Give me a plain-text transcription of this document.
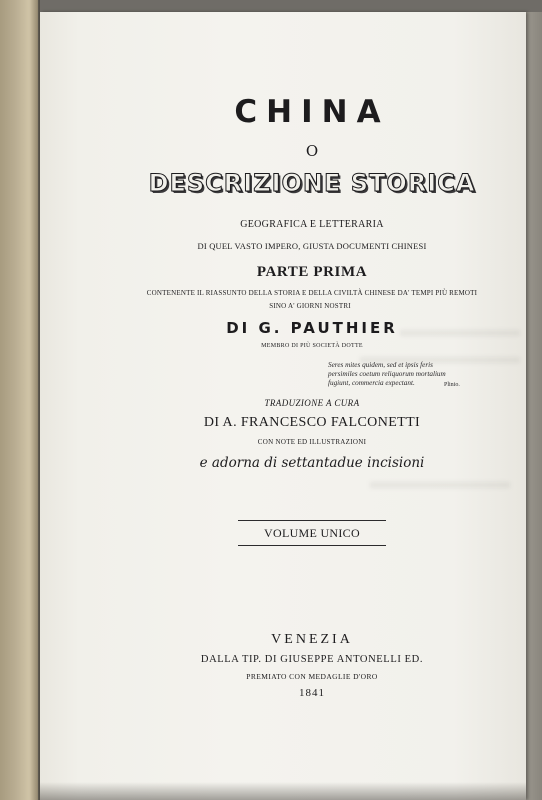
CHINA
O
DESCRIZIONE STORICA
GEOGRAFICA E LETTERARIA
DI QUEL VASTO IMPERO, GIUSTA DOCUMENTI CHINESI
PARTE PRIMA
CONTENENTE IL RIASSUNTO DELLA STORIA E DELLA CIVILTÀ CHINESE DA' TEMPI PIÙ REMOTI
SINO A' GIORNI NOSTRI
DI G. PAUTHIER
MEMBRO DI PIÙ SOCIETÀ DOTTE
Seres mites quidem, sed et ipsis feris
persimiles coetum reliquorum mortalium
fugiunt, commercia expectant.	Plinio.
TRADUZIONE A CURA
DI A. FRANCESCO FALCONETTI
CON NOTE ED ILLUSTRAZIONI
e adorna di settantadue incisioni
VOLUME UNICO
VENEZIA
DALLA TIP. DI GIUSEPPE ANTONELLI ED.
PREMIATO CON MEDAGLIE D'ORO
1841
